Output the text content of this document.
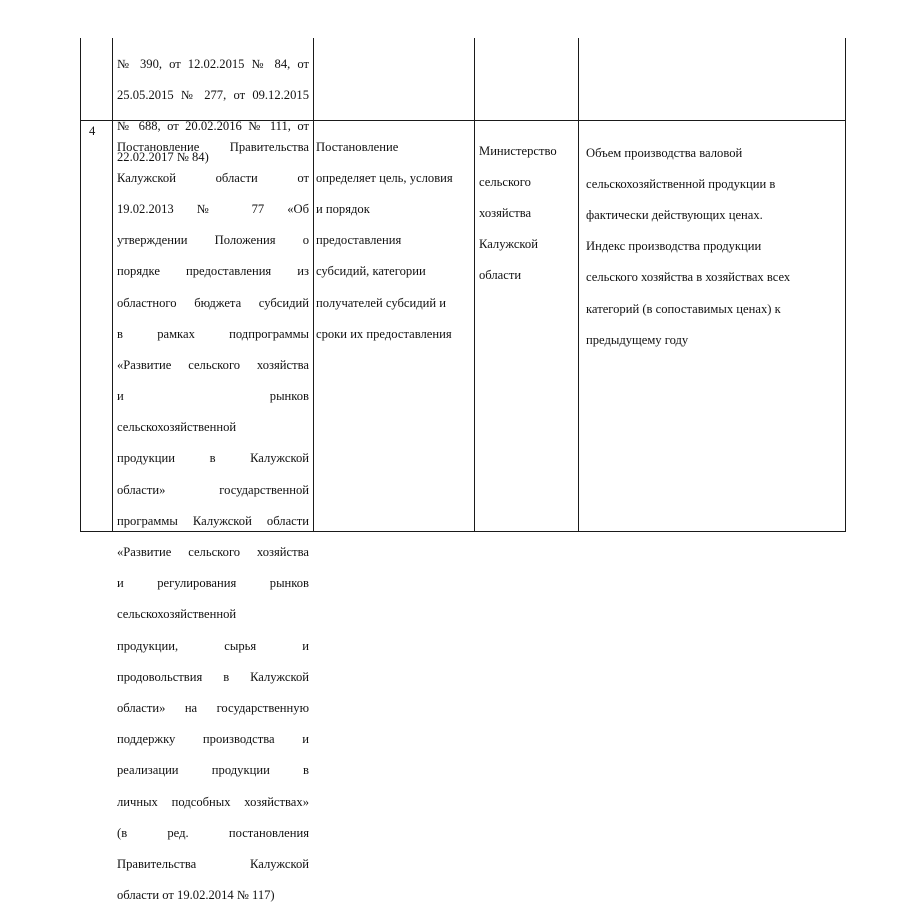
№ 390, от 12.02.2015 № 84, от

25.05.2015 № 277, от 09.12.2015

№ 688, от 20.02.2016 № 111, от

22.02.2017 № 84)

4

Постановление Правительства

Калужской области от

19.02.2013 № 77 «Об

утверждении Положения о

порядке предоставления из

областного бюджета субсидий

в рамках подпрограммы

«Развитие сельского хозяйства

и рынков

сельскохозяйственной

продукции в Калужской

области» государственной

программы Калужской области

«Развитие сельского хозяйства

и регулирования рынков

сельскохозяйственной

продукции, сырья и

продовольствия в Калужской

области» на государственную

поддержку производства и

реализации продукции в

личных подсобных хозяйствах»

(в ред. постановления

Правительства Калужской

области от 19.02.2014 № 117)

Постановление

определяет цель, условия

и порядок

предоставления

субсидий, категории

получателей субсидий и

сроки их предоставления

Министерство

сельского

хозяйства

Калужской

области

Объем производства валовой

сельскохозяйственной продукции в

фактически действующих ценах.

Индекс производства продукции

сельского хозяйства в хозяйствах всех

категорий (в сопоставимых ценах) к

предыдущему году
